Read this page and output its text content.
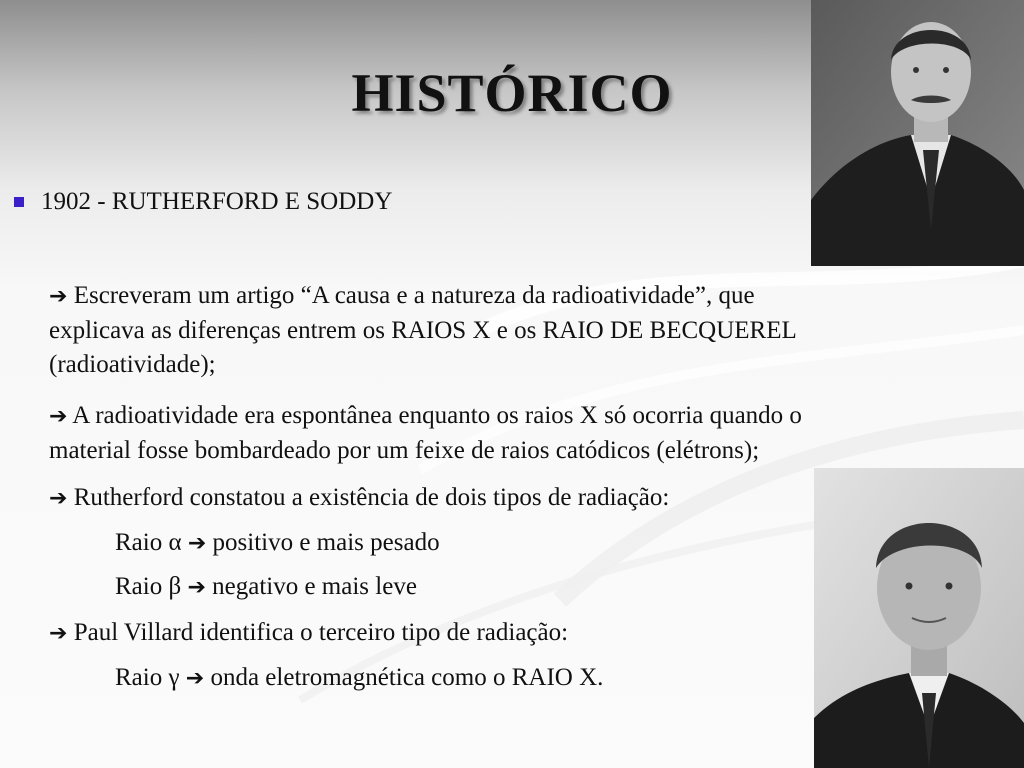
HISTÓRICO
1902 - RUTHERFORD E SODDY

➔ Escreveram um artigo “A causa e a natureza da radioatividade”, que
explicava as diferenças entrem os RAIOS X e os RAIO DE BECQUEREL
(radioatividade);

➔ A radioatividade era espontânea enquanto os raios X só ocorria quando o
material fosse bombardeado por um feixe de raios catódicos (elétrons);

➔ Rutherford constatou a existência de dois tipos de radiação:

Raio α ➔ positivo e mais pesado

Raio β ➔ negativo e mais leve

➔ Paul Villard identifica o terceiro tipo de radiação:

Raio γ ➔ onda eletromagnética como o RAIO X.
